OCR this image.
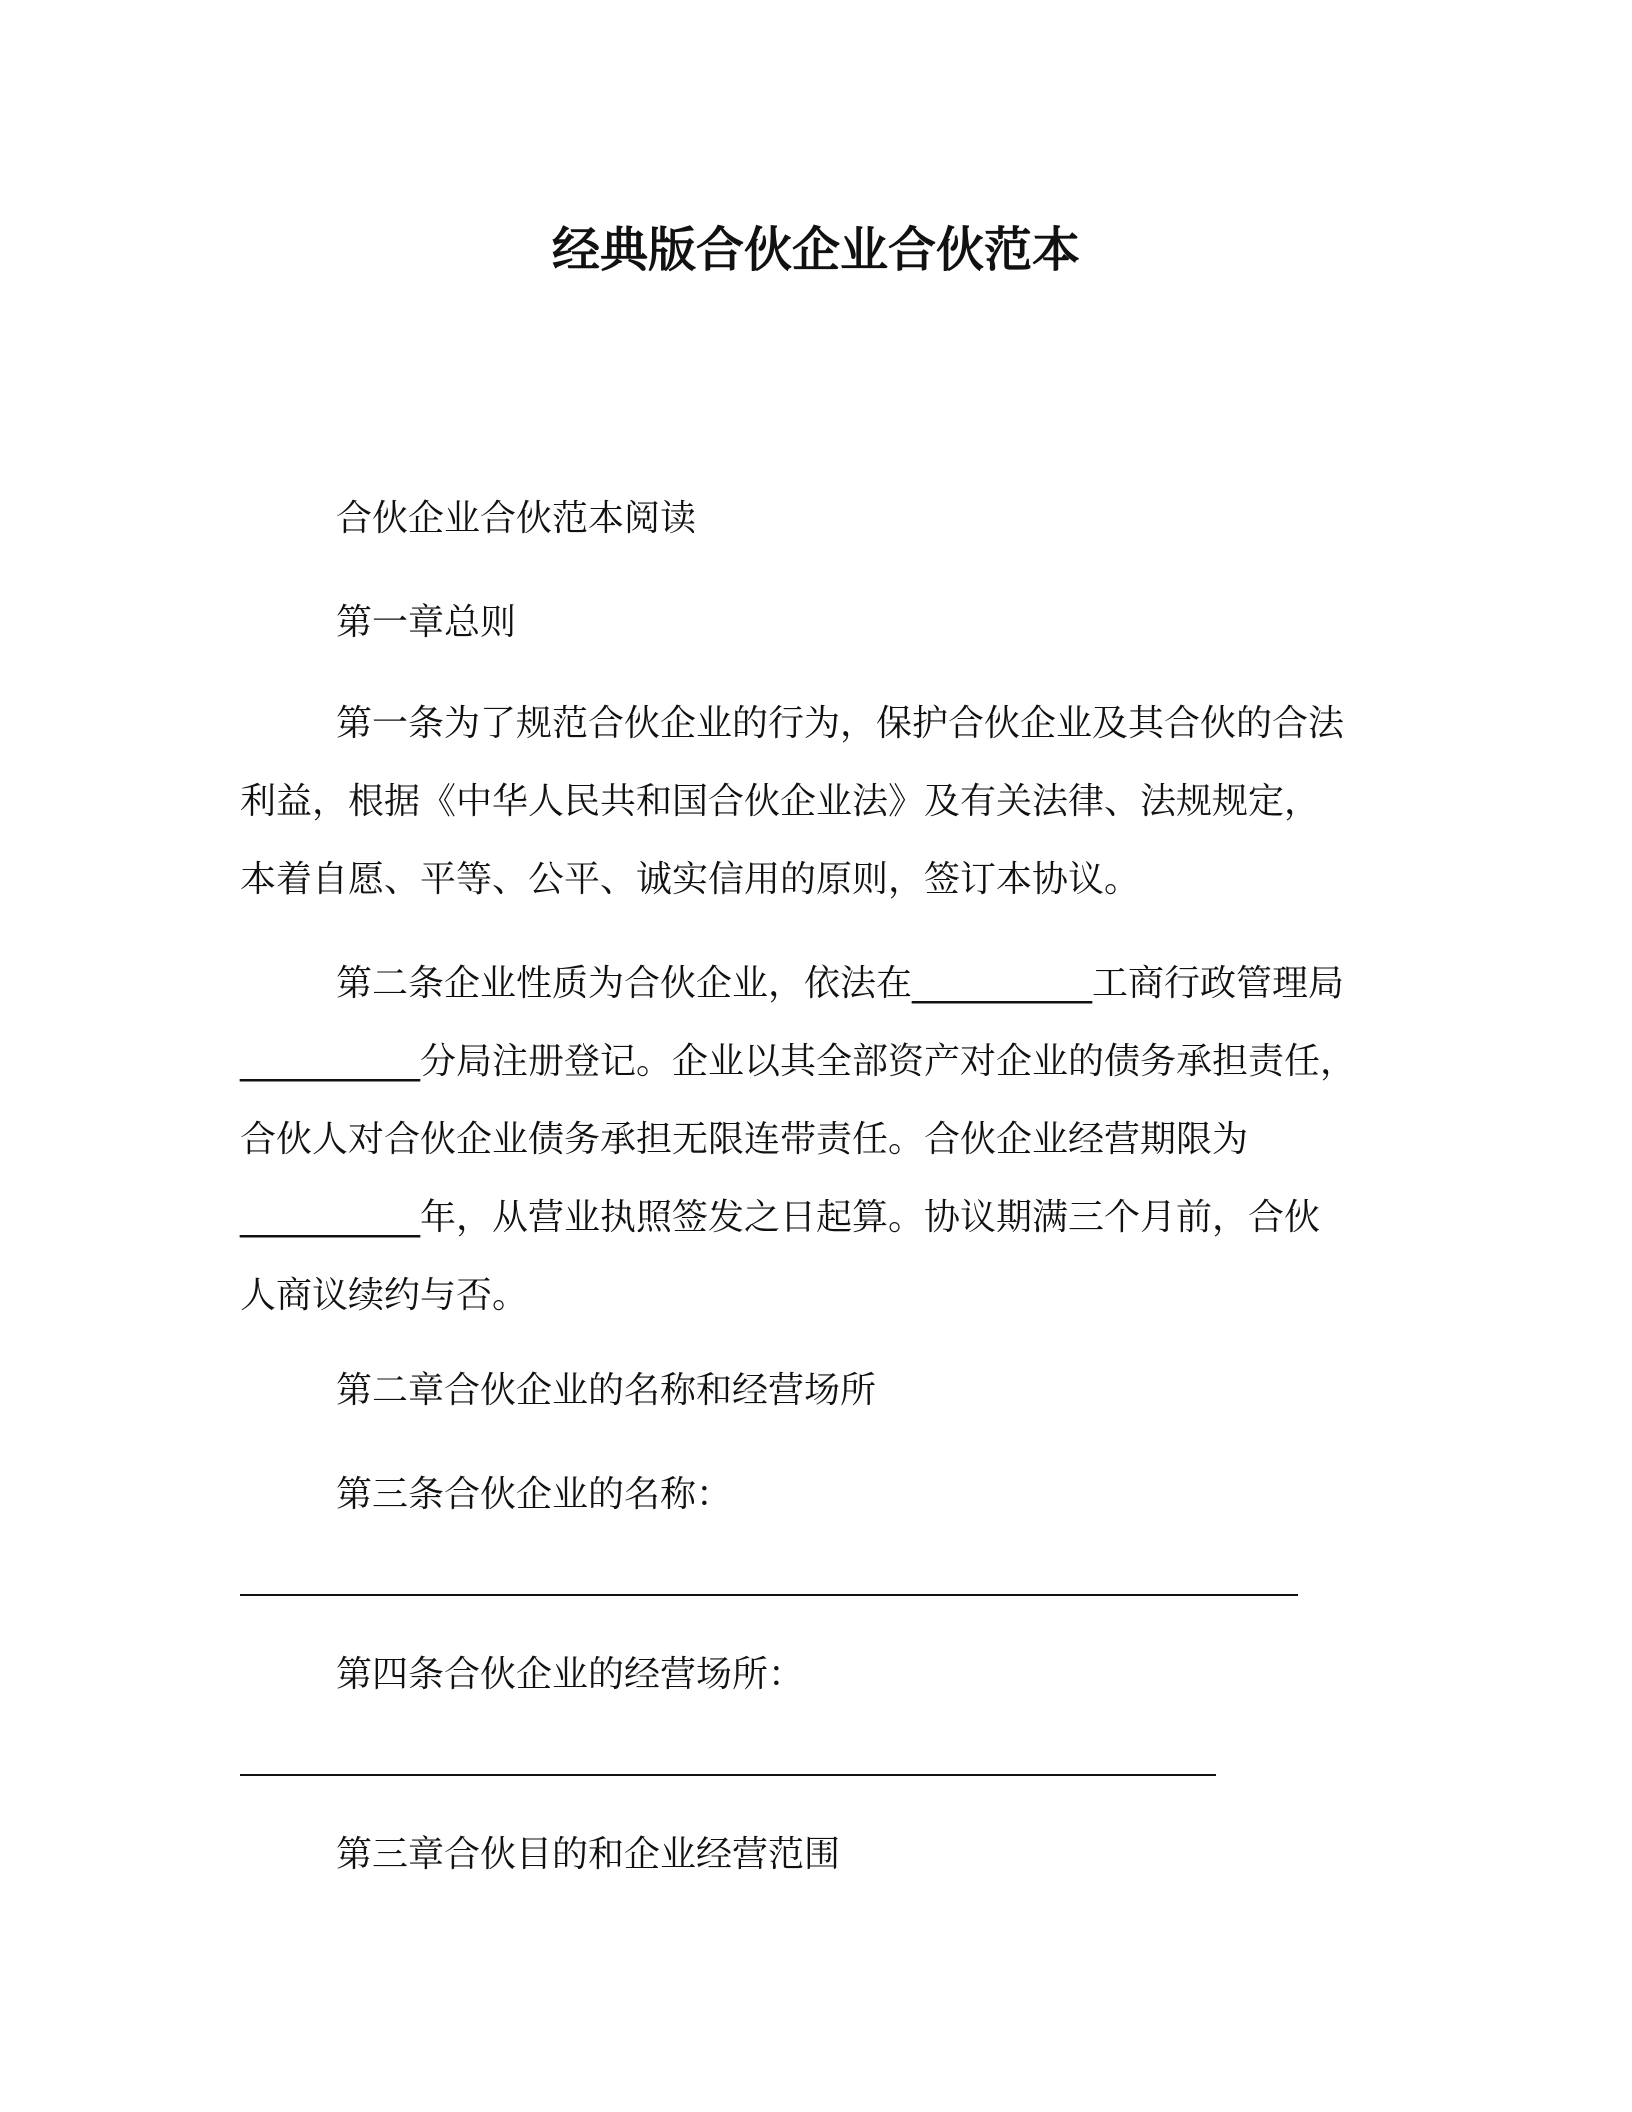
经典版合伙企业合伙范本
合伙企业合伙范本阅读
第一章总则
第一条为了规范合伙企业的行为，保护合伙企业及其合伙的合法
利益，根据《中华人民共和国合伙企业法》及有关法律、法规规定，
本着自愿、平等、公平、诚实信用的原则，签订本协议。
第二条企业性质为合伙企业，依法在__________工商行政管理局
__________分局注册登记。企业以其全部资产对企业的债务承担责任，
合伙人对合伙企业债务承担无限连带责任。合伙企业经营期限为
__________年，从营业执照签发之日起算。协议期满三个月前，合伙
人商议续约与否。
第二章合伙企业的名称和经营场所
第三条合伙企业的名称：
第四条合伙企业的经营场所：
第三章合伙目的和企业经营范围
